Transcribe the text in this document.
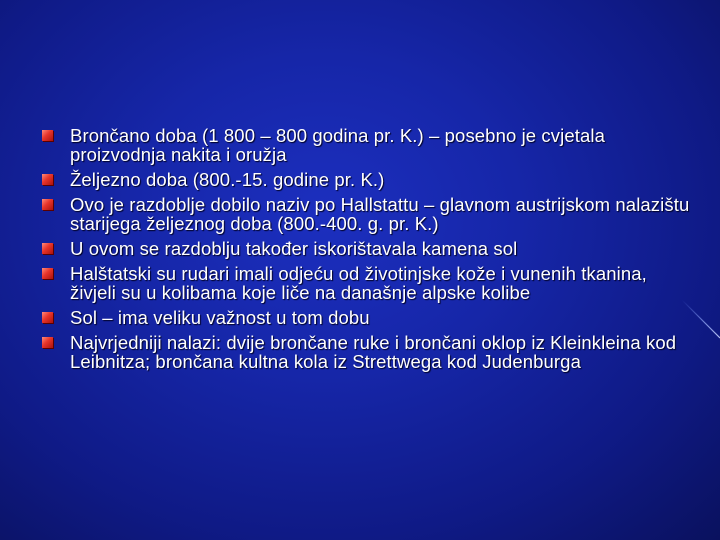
Brončano doba (1 800 – 800 godina pr. K.) – posebno je cvjetala proizvodnja nakita i oružja
Željezno doba (800.-15. godine pr. K.)
Ovo je razdoblje dobilo naziv po Hallstattu – glavnom austrijskom nalazištu starijega željeznog doba (800.-400. g. pr. K.)
U ovom se razdoblju također iskorištavala kamena sol
Halštatski su rudari imali odjeću od životinjske kože i vunenih tkanina, živjeli su u kolibama koje liče na današnje alpske kolibe
Sol – ima veliku važnost u tom dobu
Najvrjedniji nalazi: dvije brončane ruke i brončani oklop iz Kleinkleina kod Leibnitza; brončana kultna kola iz Strettwega kod Judenburga
